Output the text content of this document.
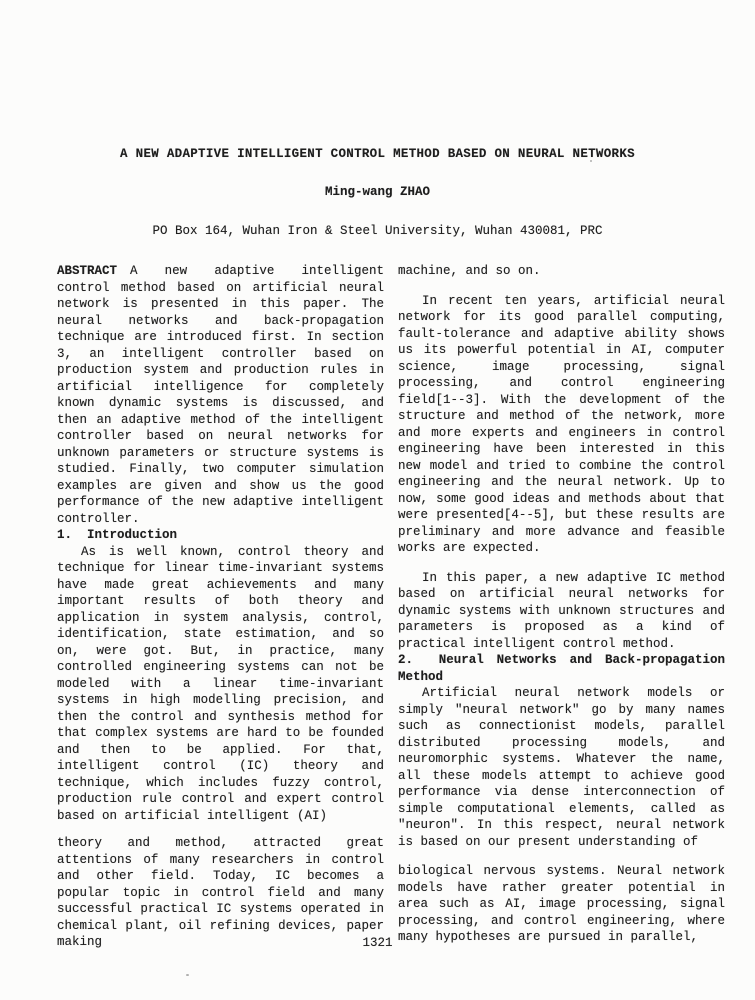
A NEW ADAPTIVE INTELLIGENT CONTROL METHOD BASED ON NEURAL NETWORKS
Ming-wang ZHAO
PO Box 164, Wuhan Iron & Steel University, Wuhan 430081, PRC

ABSTRACT A new adaptive intelligent control method based on artificial neural network is presented in this paper. The neural networks and back-propagation technique are introduced first. In section 3, an intelligent controller based on production system and production rules in artificial intelligence for completely known dynamic systems is discussed, and then an adaptive method of the intelligent controller based on neural networks for unknown parameters or structure systems is studied. Finally, two computer simulation examples are given and show us the good performance of the new adaptive intelligent controller.

1.  Introduction

As is well known, control theory and technique for linear time-invariant systems have made great achievements and many important results of both theory and application in system analysis, control, identification, state estimation, and so on, were got. But, in practice, many controlled engineering systems can not be modeled with a linear time-invariant systems in high modelling precision, and then the control and synthesis method for that complex systems are hard to be founded and then to be applied. For that, intelligent control (IC) theory and technique, which includes fuzzy control, production rule control and expert control based on artificial intelligent (AI)

theory and method, attracted great attentions of many researchers in control and other field. Today, IC becomes a popular topic in control field and many successful practical IC systems operated in chemical plant, oil refining devices, paper making

machine, and so on.

In recent ten years, artificial neural network for its good parallel computing, fault-tolerance and adaptive ability shows us its powerful potential in AI, computer science, image processing, signal processing, and control engineering field[1--3]. With the development of the structure and method of the network, more and more experts and engineers in control engineering have been interested in this new model and tried to combine the control engineering and the neural network. Up to now, some good ideas and methods about that were presented[4--5], but these results are preliminary and more advance and feasible works are expected.

In this paper, a new adaptive IC method based on artificial neural networks for dynamic systems with unknown structures and parameters is proposed as a kind of practical intelligent control method.

2.  Neural Networks and Back-propagation Method

Artificial neural network models or simply "neural network" go by many names such as connectionist models, parallel distributed processing models, and neuromorphic systems. Whatever the name, all these models attempt to achieve good performance via dense interconnection of simple computational elements, called as "neuron". In this respect, neural network is based on our present understanding of

biological nervous systems. Neural network models have rather greater potential in area such as AI, image processing, signal processing, and control engineering, where many hypotheses are pursued in parallel,

1321
